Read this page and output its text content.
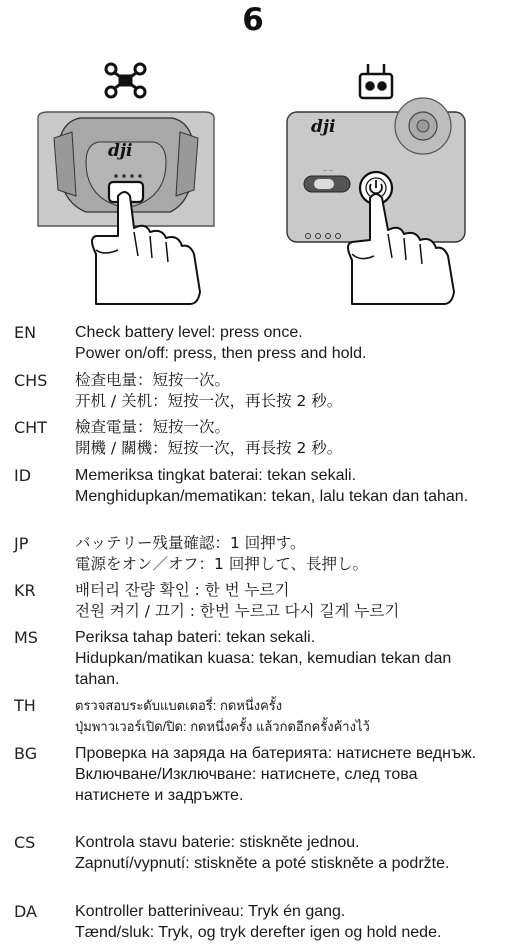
6
dji
dji
— —
EN Check battery level: press once.
Power on/off: press, then press and hold.
CHS 检查电量：短按一次。
开机 / 关机：短按一次，再长按 2 秒。
CHT 檢查電量：短按一次。
開機 / 關機：短按一次，再長按 2 秒。
ID	Memeriksa tingkat baterai: tekan sekali.
Menghidupkan/mematikan: tekan, lalu tekan dan tahan.
JP	バッテリー残量確認：1 回押す。
電源をオン／オフ：1 回押して、長押し。
KR	배터리 잔량 확인 : 한 번 누르기
전원 켜기 / 끄기 : 한번 누르고 다시 길게 누르기
MS Periksa tahap bateri: tekan sekali.
Hidupkan/matikan kuasa: tekan, kemudian tekan dan tahan.
TH	ตรวจสอบระดับแบตเตอรี่: กดหนึ่งครั้ง
ปุ่มพาวเวอร์เปิด/ปิด: กดหนึ่งครั้ง แล้วกดอีกครั้งค้างไว้
BG Проверка на заряда на батерията: натиснете веднъж.
Включване/Изключване: натиснете, след това натиснете и задръжте.
CS Kontrola stavu baterie: stiskněte jednou.
Zapnutí/vypnutí: stiskněte a poté stiskněte a podržte.
DA Kontroller batteriniveau: Tryk én gang.
Tænd/sluk: Tryk, og tryk derefter igen og hold nede.
